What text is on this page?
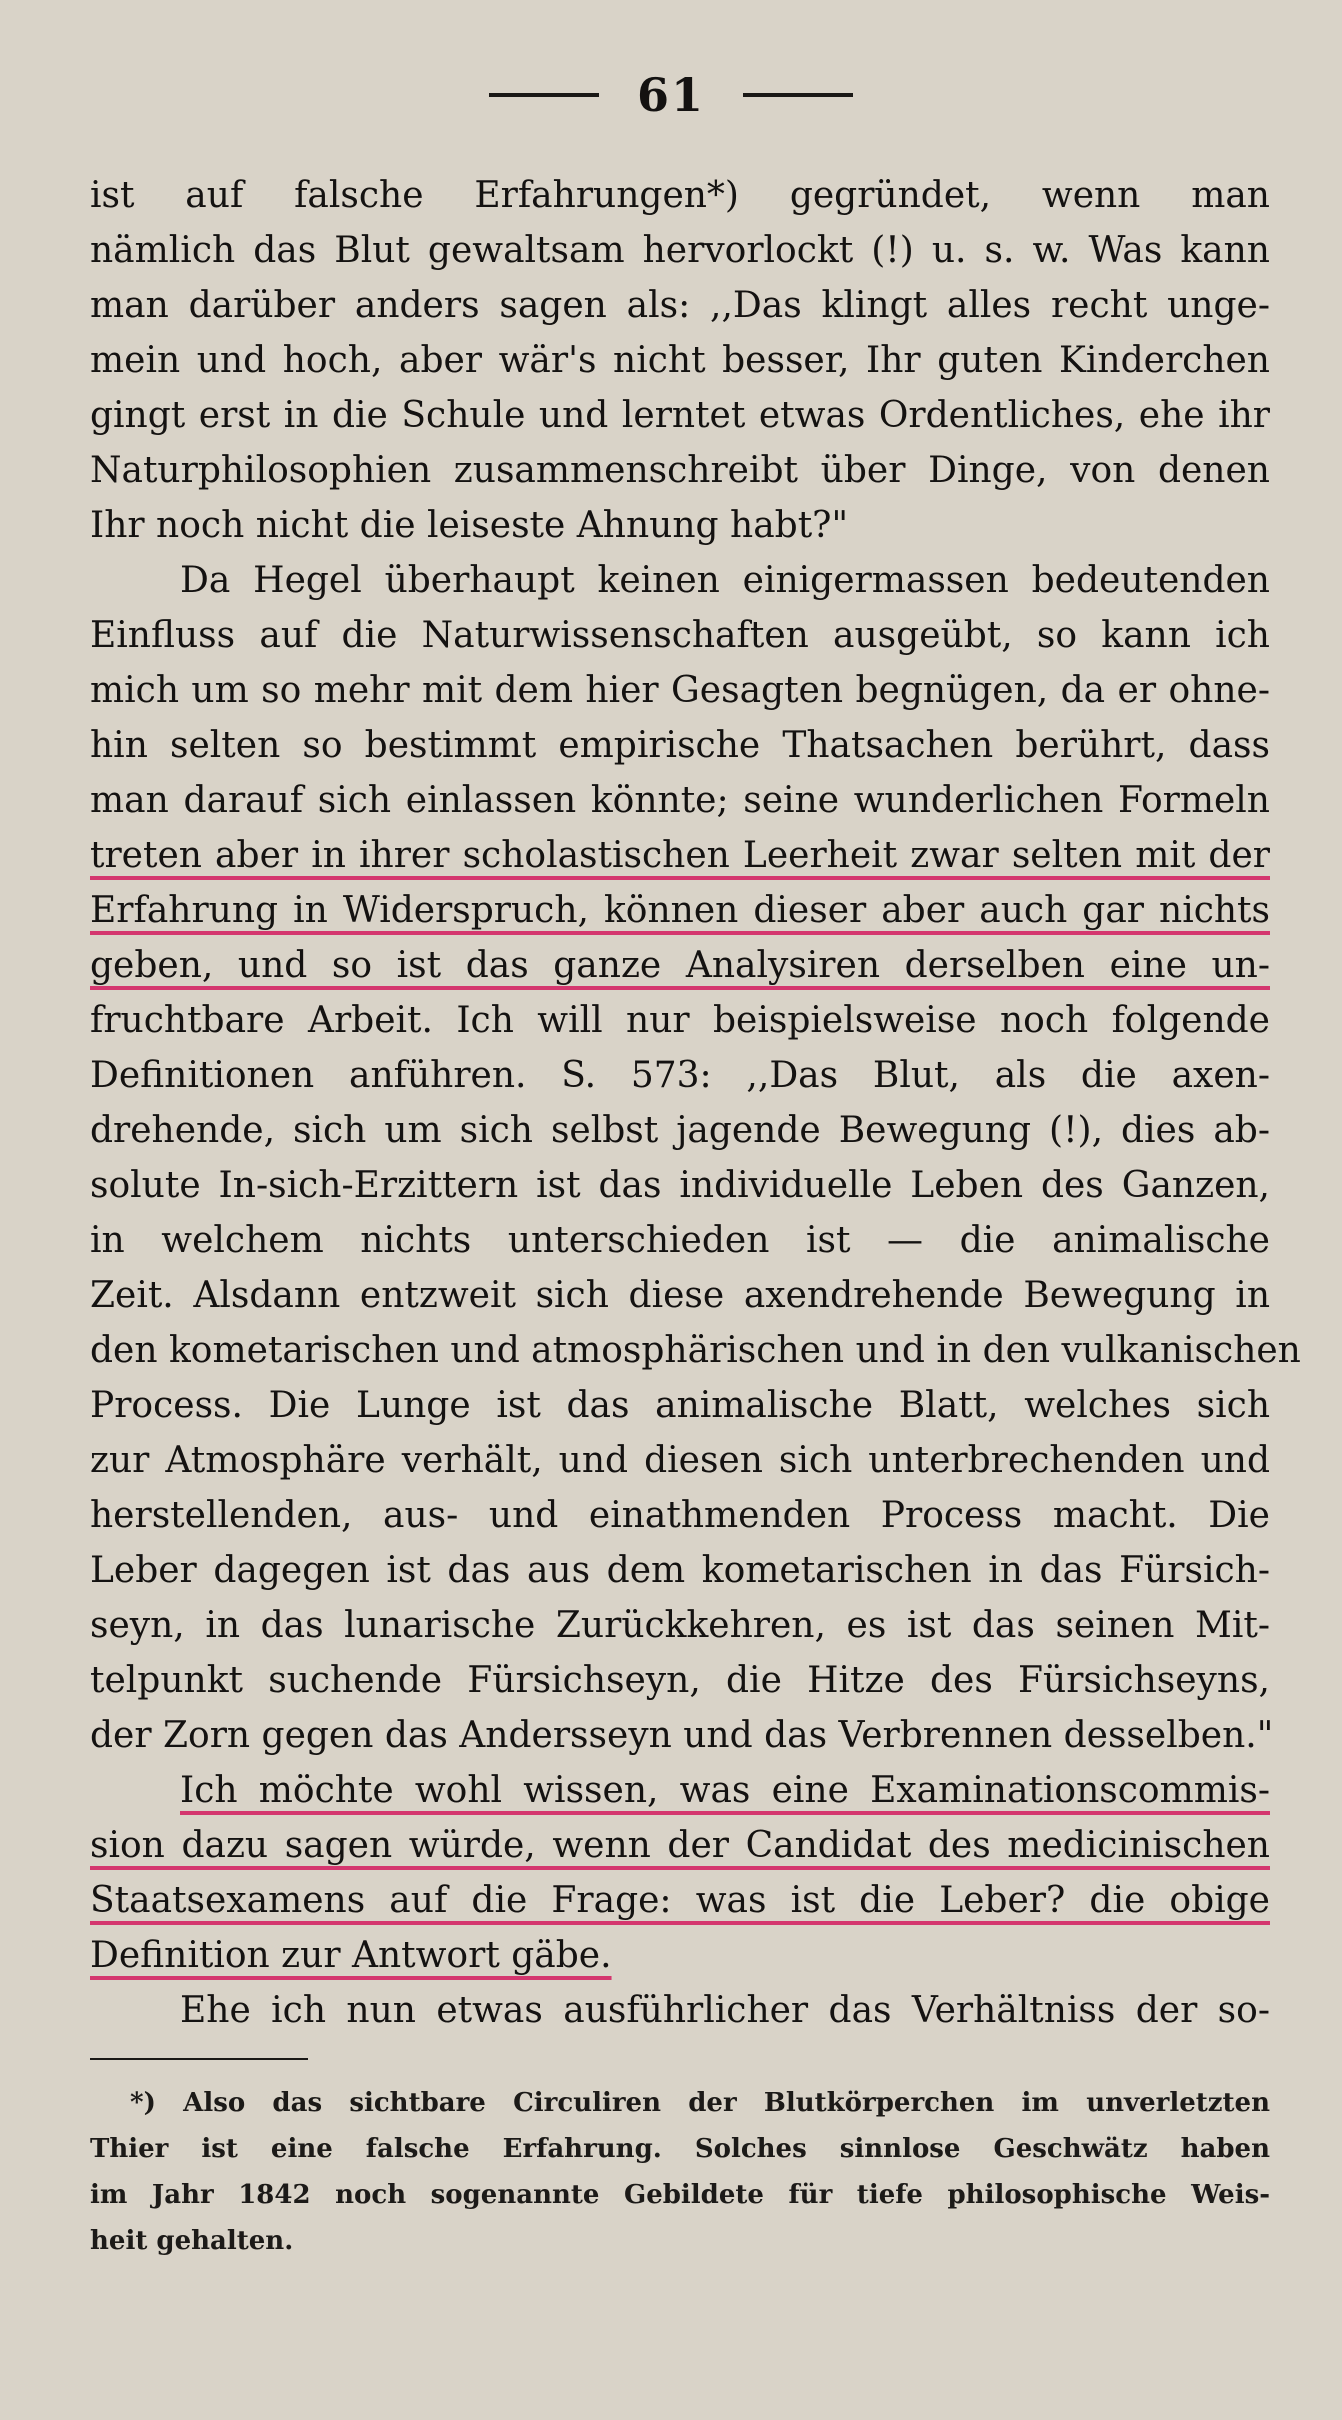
61
ist auf falsche Erfahrungen*) gegründet, wenn man
nämlich das Blut gewaltsam hervorlockt (!) u. s. w. Was kann
man darüber anders sagen als: ,,Das klingt alles recht unge-
mein und hoch, aber wär's nicht besser, Ihr guten Kinderchen
gingt erst in die Schule und lerntet etwas Ordentliches, ehe ihr
Naturphilosophien zusammenschreibt über Dinge, von denen
Ihr noch nicht die leiseste Ahnung habt?"
Da Hegel überhaupt keinen einigermassen bedeutenden
Einfluss auf die Naturwissenschaften ausgeübt, so kann ich
mich um so mehr mit dem hier Gesagten begnügen, da er ohne-
hin selten so bestimmt empirische Thatsachen berührt, dass
man darauf sich einlassen könnte; seine wunderlichen Formeln
treten aber in ihrer scholastischen Leerheit zwar selten mit der
Erfahrung in Widerspruch, können dieser aber auch gar nichts
geben, und so ist das ganze Analysiren derselben eine un-
fruchtbare Arbeit. Ich will nur beispielsweise noch folgende
Definitionen anführen. S. 573: ,,Das Blut, als die axen-
drehende, sich um sich selbst jagende Bewegung (!), dies ab-
solute In-sich-Erzittern ist das individuelle Leben des Ganzen,
in welchem nichts unterschieden ist — die animalische
Zeit. Alsdann entzweit sich diese axendrehende Bewegung in
den kometarischen und atmosphärischen und in den vulkanischen
Process. Die Lunge ist das animalische Blatt, welches sich
zur Atmosphäre verhält, und diesen sich unterbrechenden und
herstellenden, aus- und einathmenden Process macht. Die
Leber dagegen ist das aus dem kometarischen in das Fürsich-
seyn, in das lunarische Zurückkehren, es ist das seinen Mit-
telpunkt suchende Fürsichseyn, die Hitze des Fürsichseyns,
der Zorn gegen das Andersseyn und das Verbrennen desselben."
Ich möchte wohl wissen, was eine Examinationscommis-
sion dazu sagen würde, wenn der Candidat des medicinischen
Staatsexamens auf die Frage: was ist die Leber? die obige
Definition zur Antwort gäbe.
Ehe ich nun etwas ausführlicher das Verhältniss der so-
*) Also das sichtbare Circuliren der Blutkörperchen im unverletzten
Thier ist eine falsche Erfahrung. Solches sinnlose Geschwätz haben
im Jahr 1842 noch sogenannte Gebildete für tiefe philosophische Weis-
heit gehalten.
